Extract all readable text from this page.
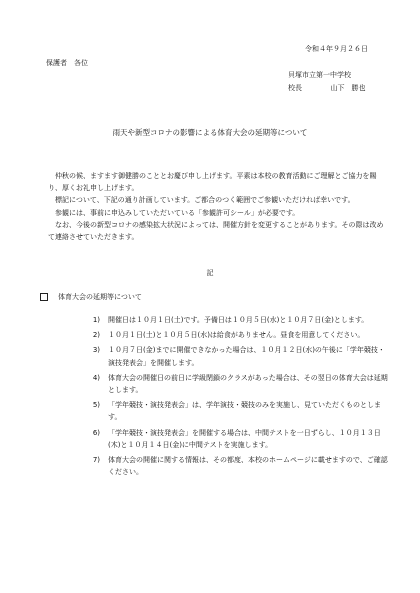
令和４年９月２６日
保護者　各位
貝塚市立第一中学校
校長	山下　勝也
雨天や新型コロナの影響による体育大会の延期等について

仲秋の候、ますます御健勝のこととお慶び申し上げます。平素は本校の教育活動にご理解とご協力を賜り、厚くお礼申し上げます。

標記について、下記の通り計画しています。ご都合のつく範囲でご参観いただければ幸いです。

参観には、事前に申込みしていただいている「参観許可シール」が必要です。

なお、今後の新型コロナの感染拡大状況によっては、開催方針を変更することがあります。その際は改めて連絡させていただきます。

記
体育大会の延期等について
1)	開催日は１０月１日(土)です。予備日は１０月５日(水)と１０月７日(金)とします。
2)	１０月１日(土)と１０月５日(水)は給食がありません。昼食を用意してください。
3)	１０月７日(金)までに開催できなかった場合は、１０月１２日(水)の午後に「学年競技・演技発表会」を開催します。
4)	体育大会の開催日の前日に学級閉鎖のクラスがあった場合は、その翌日の体育大会は延期とします。
5)	「学年競技・演技発表会」は、学年演技・競技のみを実施し、見ていただくものとします。
6)	「学年競技・演技発表会」を開催する場合は、中間テストを一日ずらし、１０月１３日(木)と１０月１４日(金)に中間テストを実施します。
7)	体育大会の開催に関する情報は、その都度、本校のホームページに載せますので、ご確認ください。
